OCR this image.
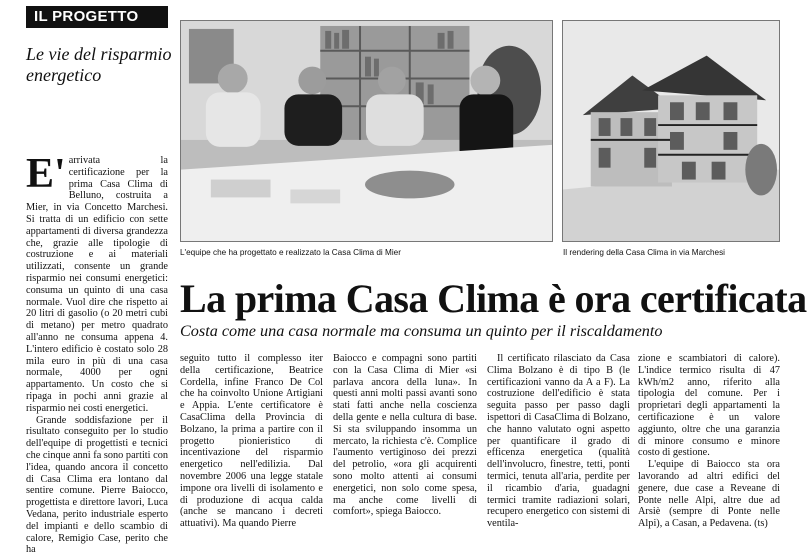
IL PROGETTO
Le vie del risparmio energetico
L'equipe che ha progettato e realizzato la Casa Clima di Mier	Il rendering della Casa Clima in via Marchesi
La prima Casa Clima è ora certificata
Costa come una casa normale ma consuma un quinto per il riscaldamento

E' arrivata la certificazione per la prima Casa Clima di Belluno, costruita a Mier, in via Concetto Marchesi. Si tratta di un edificio con sette appartamenti di diversa grandezza che, grazie alle tipologie di costruzione e ai materiali utilizzati, consente un grande risparmio nei consumi energetici: consuma un quinto di una casa normale. Vuol dire che rispetto ai 20 litri di gasolio (o 20 metri cubi di metano) per metro quadrato all'anno ne consuma appena 4. L'intero edificio è costato solo 28 mila euro in più di una casa normale, 4000 per ogni appartamento. Un costo che si ripaga in pochi anni grazie al risparmio nei costi energetici.

Grande soddisfazione per il risultato conseguito per lo studio dell'equipe di progettisti e tecnici che cinque anni fa sono partiti con l'idea, quando ancora il concetto di Casa Clima era lontano dal sentire comune. Pierre Baiocco, progettista e direttore lavori, Luca Vedana, perito industriale esperto del impianti e dello scambio di calore, Remigio Case, perito che ha

seguito tutto il complesso iter della certificazione, Beatrice Cordella, infine Franco De Col che ha coinvolto Unione Artigiani e Appia. L'ente certificatore è CasaClima della Provincia di Bolzano, la prima a partire con il progetto pionieristico di incentivazione del risparmio energetico nell'edilizia. Dal novembre 2006 una legge statale impone ora livelli di isolamento e di produzione di acqua calda (anche se mancano i decreti attuativi). Ma quando Pierre

Baiocco e compagni sono partiti con la Casa Clima di Mier «si parlava ancora della luna». In questi anni molti passi avanti sono stati fatti anche nella coscienza della gente e nella cultura di base. Si sta sviluppando insomma un mercato, la richiesta c'è. Complice l'aumento vertiginoso dei prezzi del petrolio, «ora gli acquirenti sono molto attenti ai consumi energetici, non solo come spesa, ma anche come livelli di comfort», spiega Baiocco.

Il certificato rilasciato da Casa Clima Bolzano è di tipo B (le certificazioni vanno da A a F). La costruzione dell'edificio è stata seguita passo per passo dagli ispettori di CasaClima di Bolzano, che hanno valutato ogni aspetto per quantificare il grado di efficenza energetica (qualità dell'involucro, finestre, tetti, ponti termici, tenuta all'aria, perdite per il ricambio d'aria, guadagni termici tramite radiazioni solari, recupero energetico con sistemi di ventila-

zione e scambiatori di calore). L'indice termico risulta di 47 kWh/m2 anno, riferito alla tipologia del comune. Per i proprietari degli appartamenti la certificazione è un valore aggiunto, oltre che una garanzia di minore consumo e minore costo di gestione.

L'equipe di Baiocco sta ora lavorando ad altri edifici del genere, due case a Reveane di Ponte nelle Alpi, altre due ad Arsiè (sempre di Ponte nelle Alpi), a Casan, a Pedavena. (ts)
